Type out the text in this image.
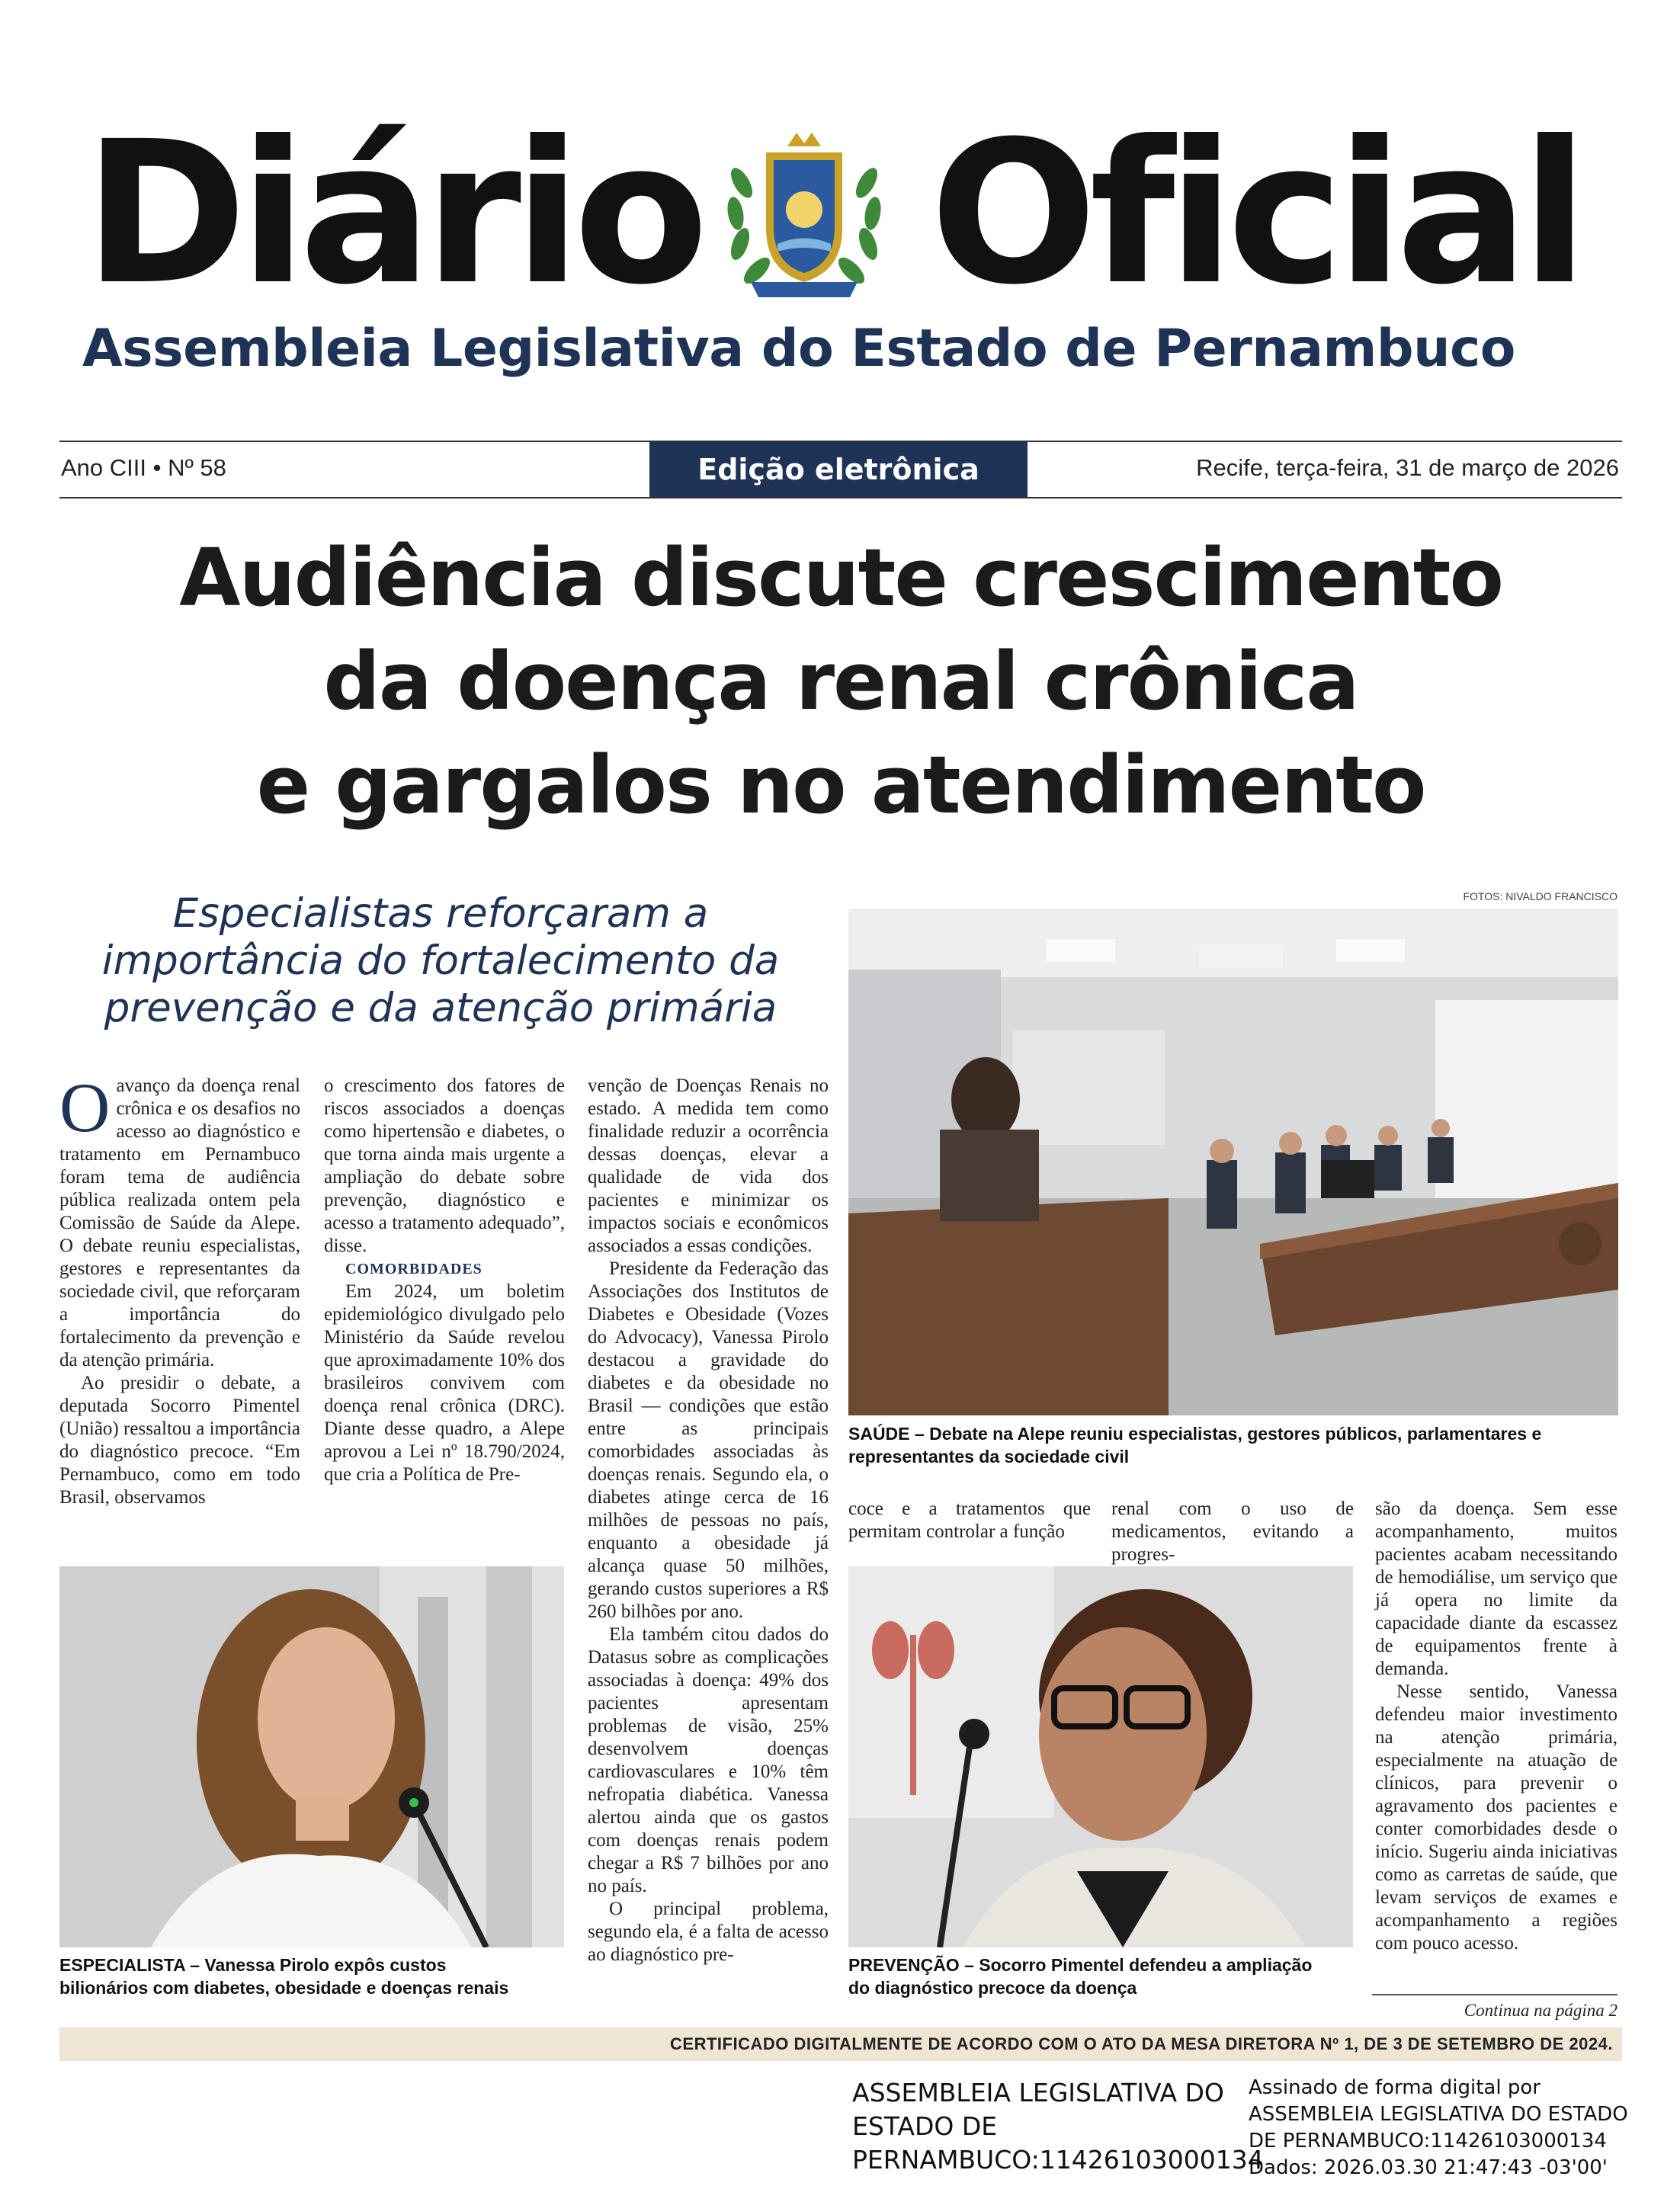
Diário Oficial
Assembleia Legislativa do Estado de Pernambuco
Ano CIII • Nº 58	Edição eletrônica	Recife, terça-feira, 31 de março de 2026
Audiência discute crescimento
da doença renal crônica
e gargalos no atendimento
Especialistas reforçaram a
importância do fortalecimento da
prevenção e da atenção primária
FOTOS: NIVALDO FRANCISCO
SAÚDE – Debate na Alepe reuniu especialistas, gestores públicos, parlamentares e
representantes da sociedade civil

Oavanço da doença renal crônica e os desafios no acesso ao diagnóstico e tratamento em Pernambuco foram tema de audiência pública realizada ontem pela Comissão de Saúde da Alepe. O debate reuniu especialistas, gestores e representantes da sociedade civil, que reforçaram a importância do fortalecimento da prevenção e da atenção primária.

Ao presidir o debate, a deputada Socorro Pimentel (União) ressaltou a importância do diagnóstico precoce. “Em Pernambuco, como em todo Brasil, observamos

o crescimento dos fatores de riscos associados a doenças como hipertensão e diabetes, o que torna ainda mais urgente a ampliação do debate sobre prevenção, diagnóstico e acesso a tratamento adequado”, disse.

COMORBIDADES

Em 2024, um boletim epidemiológico divulgado pelo Ministério da Saúde revelou que aproximadamente 10% dos brasileiros convivem com doença renal crônica (DRC). Diante desse quadro, a Alepe aprovou a Lei nº 18.790/2024, que cria a Política de Pre-

venção de Doenças Renais no estado. A medida tem como finalidade reduzir a ocorrência dessas doenças, elevar a qualidade de vida dos pacientes e minimizar os impactos sociais e econômicos associados a essas condições.

Presidente da Federação das Associações dos Institutos de Diabetes e Obesidade (Vozes do Advocacy), Vanessa Pirolo destacou a gravidade do diabetes e da obesidade no Brasil — condições que estão entre as principais comorbidades associadas às doenças renais. Segundo ela, o diabetes atinge cerca de 16 milhões de pessoas no país, enquanto a obesidade já alcança quase 50 milhões, gerando custos superiores a R$ 260 bilhões por ano.

Ela também citou dados do Datasus sobre as complicações associadas à doença: 49% dos pacientes apresentam problemas de visão, 25% desenvolvem doenças cardiovasculares e 10% têm nefropatia diabética. Vanessa alertou ainda que os gastos com doenças renais podem chegar a R$ 7 bilhões por ano no país.

O principal problema, segundo ela, é a falta de acesso ao diagnóstico pre-

ESPECIALISTA – Vanessa Pirolo expôs custos
bilionários com diabetes, obesidade e doenças renais

coce e a tratamentos que permitam controlar a função

renal com o uso de medicamentos, evitando a progres-

PREVENÇÃO – Socorro Pimentel defendeu a ampliação
do diagnóstico precoce da doença

são da doença. Sem esse acompanhamento, muitos pacientes acabam necessitando de hemodiálise, um serviço que já opera no limite da capacidade diante da escassez de equipamentos frente à demanda.

Nesse sentido, Vanessa defendeu maior investimento na atenção primária, especialmente na atuação de clínicos, para prevenir o agravamento dos pacientes e conter comorbidades desde o início. Sugeriu ainda iniciativas como as carretas de saúde, que levam serviços de exames e acompanhamento a regiões com pouco acesso.

Continua na página 2
CERTIFICADO DIGITALMENTE DE ACORDO COM O ATO DA MESA DIRETORA Nº 1, DE 3 DE SETEMBRO DE 2024.
ASSEMBLEIA LEGISLATIVA DO
ESTADO DE
PERNAMBUCO:11426103000134
Assinado de forma digital por
ASSEMBLEIA LEGISLATIVA DO ESTADO
DE PERNAMBUCO:11426103000134
Dados: 2026.03.30 21:47:43 -03'00'
